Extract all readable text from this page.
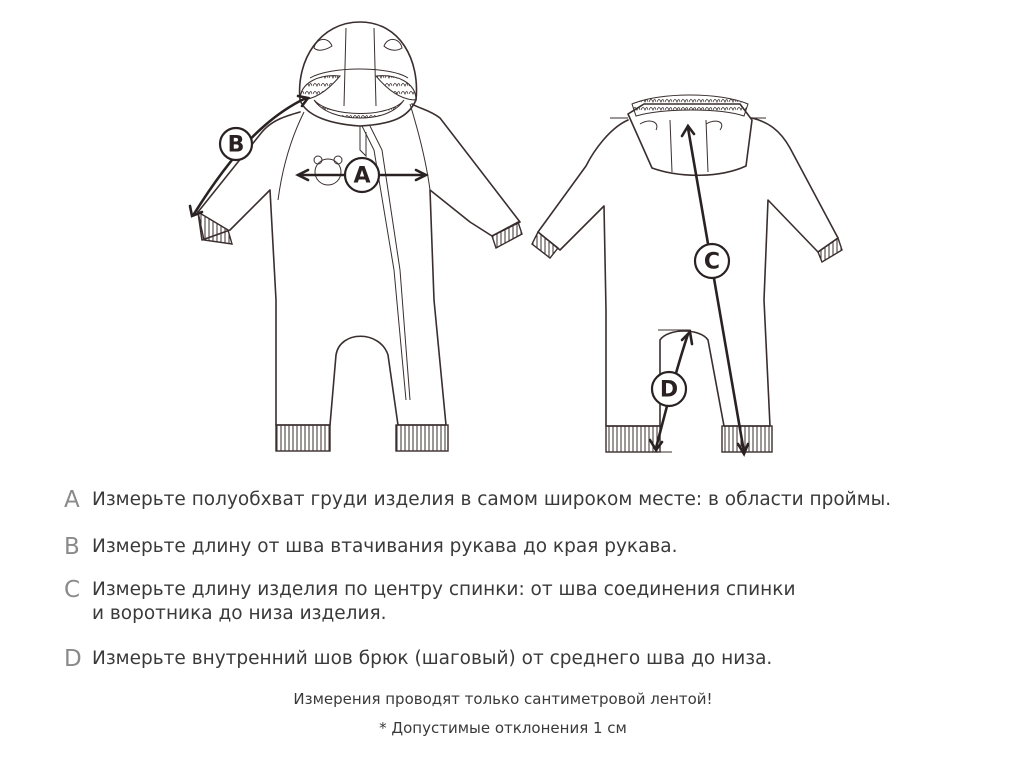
A
B
C
D
A Измерьте полуобхват груди изделия в самом широком месте: в области проймы.
B Измерьте длину от шва втачивания рукава до края рукава.
C Измерьте длину изделия по центру спинки: от шва соединения спинки
и воротника до низа изделия.
D Измерьте внутренний шов брюк (шаговый) от среднего шва до низа.
Измерения проводят только сантиметровой лентой!
* Допустимые отклонения 1 см
